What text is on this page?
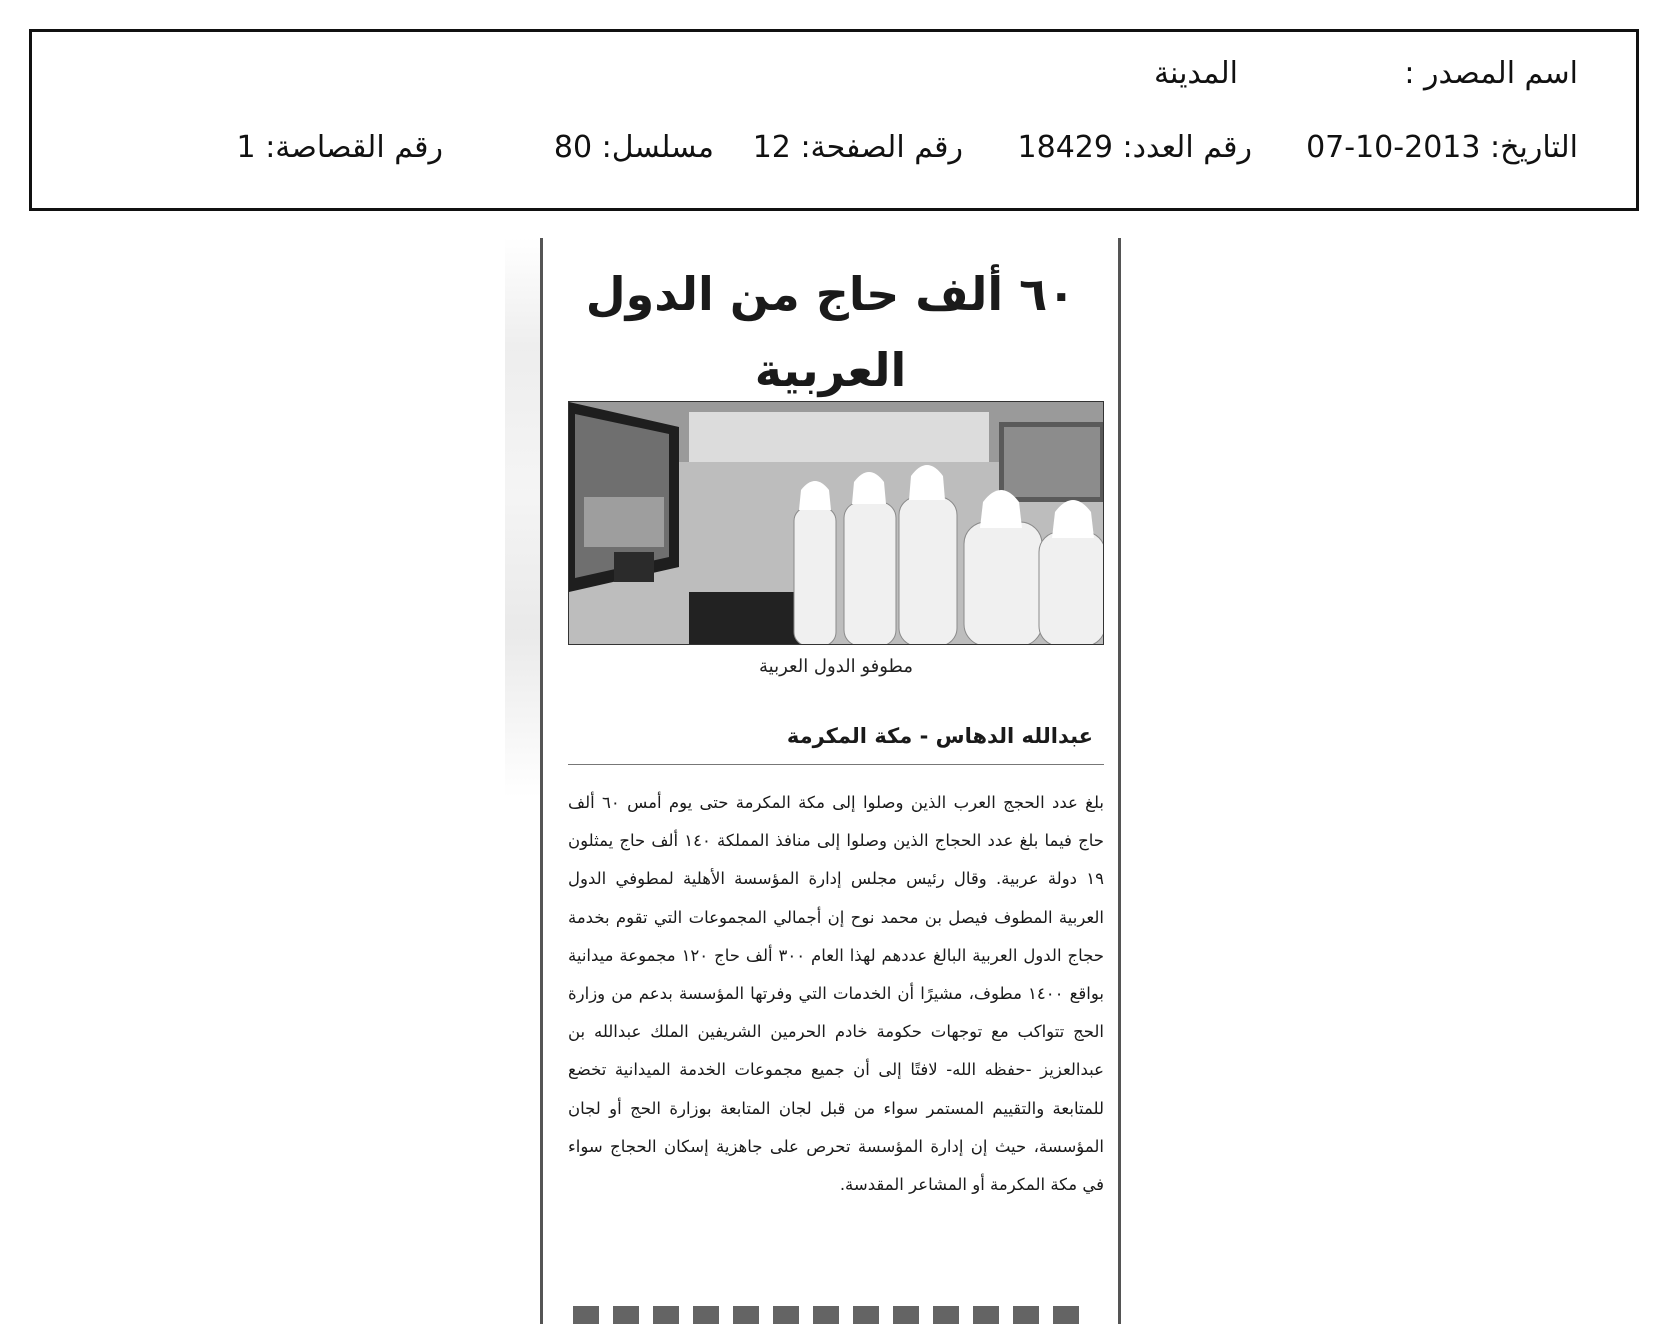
اسم المصدر :
المدينة
التاريخ: 2013-10-07
رقم العدد: 18429
رقم الصفحة: 12
مسلسل: 80
رقم القصاصة: 1
٦٠ ألف حاج من الدول العربية
مطوفو الدول العربية
عبدالله الدهاس - مكة المكرمة
بلغ عدد الحجج العرب الذين وصلوا إلى مكة المكرمة حتى يوم أمس ٦٠ ألف حاج فيما بلغ عدد الحجاج الذين وصلوا إلى منافذ المملكة ١٤٠ ألف حاج يمثلون ١٩ دولة عربية. وقال رئيس مجلس إدارة المؤسسة الأهلية لمطوفي الدول العربية المطوف فيصل بن محمد نوح إن أجمالي المجموعات التي تقوم بخدمة حجاج الدول العربية البالغ عددهم لهذا العام ٣٠٠ ألف حاج ١٢٠ مجموعة ميدانية بواقع ١٤٠٠ مطوف، مشيرًا أن الخدمات التي وفرتها المؤسسة بدعم من وزارة الحج تتواكب مع توجهات حكومة خادم الحرمين الشريفين الملك عبدالله بن عبدالعزيز -حفظه الله- لافتًا إلى أن جميع مجموعات الخدمة الميدانية تخضع للمتابعة والتقييم المستمر سواء من قبل لجان المتابعة بوزارة الحج أو لجان المؤسسة، حيث إن إدارة المؤسسة تحرص على جاهزية إسكان الحجاج سواء في مكة المكرمة أو المشاعر المقدسة.
